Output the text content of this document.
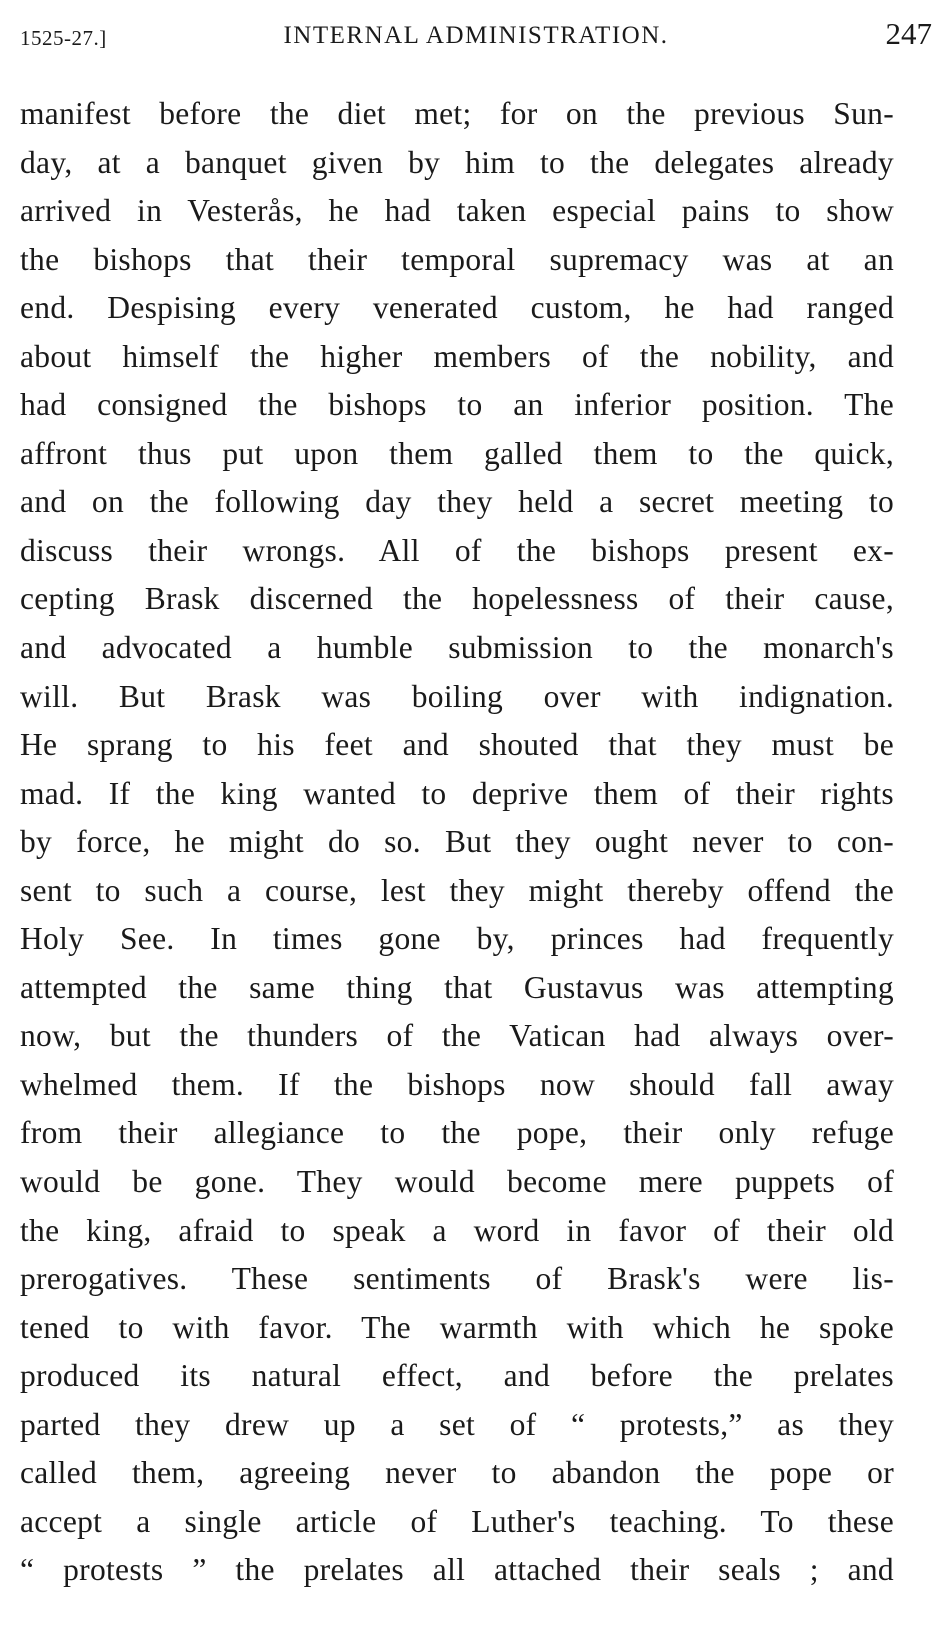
1525-27.]	INTERNAL ADMINISTRATION.	247
manifest before the diet met; for on the previous Sun-
day, at a banquet given by him to the delegates already
arrived in Vesterås, he had taken especial pains to show
the bishops that their temporal supremacy was at an
end. Despising every venerated custom, he had ranged
about himself the higher members of the nobility, and
had consigned the bishops to an inferior position. The
affront thus put upon them galled them to the quick,
and on the following day they held a secret meeting to
discuss their wrongs. All of the bishops present ex-
cepting Brask discerned the hopelessness of their cause,
and advocated a humble submission to the monarch's
will. But Brask was boiling over with indignation.
He sprang to his feet and shouted that they must be
mad. If the king wanted to deprive them of their rights
by force, he might do so. But they ought never to con-
sent to such a course, lest they might thereby offend the
Holy See. In times gone by, princes had frequently
attempted the same thing that Gustavus was attempting
now, but the thunders of the Vatican had always over-
whelmed them. If the bishops now should fall away
from their allegiance to the pope, their only refuge
would be gone. They would become mere puppets of
the king, afraid to speak a word in favor of their old
prerogatives. These sentiments of Brask's were lis-
tened to with favor. The warmth with which he spoke
produced its natural effect, and before the prelates
parted they drew up a set of “ protests,” as they
called them, agreeing never to abandon the pope or
accept a single article of Luther's teaching. To these
“ protests ” the prelates all attached their seals ; and
